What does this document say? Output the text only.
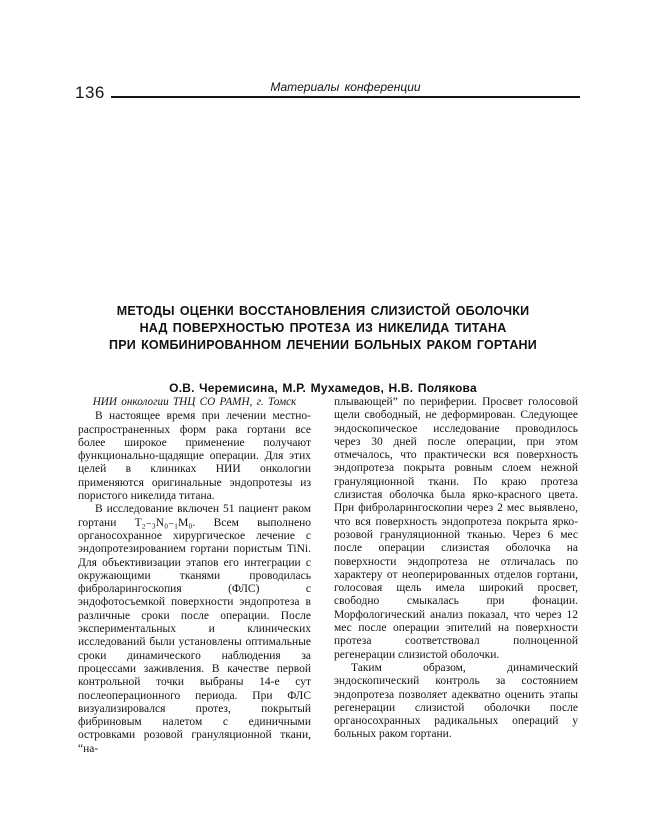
136	Материалы конференции
МЕТОДЫ ОЦЕНКИ ВОССТАНОВЛЕНИЯ СЛИЗИСТОЙ ОБОЛОЧКИ
НАД ПОВЕРХНОСТЬЮ ПРОТЕЗА ИЗ НИКЕЛИДА ТИТАНА
ПРИ КОМБИНИРОВАННОМ ЛЕЧЕНИИ БОЛЬНЫХ РАКОМ ГОРТАНИ
О.В. Черемисина, М.Р. Мухамедов, Н.В. Полякова
НИИ онкологии ТНЦ СО РАМН, г. Томск

В настоящее время при лечении местно-распространенных форм рака гортани все более широкое применение получают функционально-щадящие операции. Для этих целей в клиниках НИИ онкологии применяются оригинальные эндопротезы из пористого никелида титана.

В исследование включен 51 пациент раком гортани T₂₋₃N₀₋₁M₀. Всем выполнено органосохранное хирургическое лечение с эндопротезированием гортани пористым TiNi. Для объективизации этапов его интеграции с окружающими тканями проводилась фиброларингоскопия (ФЛС) с эндофотосъемкой поверхности эндопротеза в различные сроки после операции. После экспериментальных и клинических исследований были установлены оптимальные сроки динамического наблюдения за процессами заживления. В качестве первой контрольной точки выбраны 14-е сут послеоперационного периода. При ФЛС визуализировался протез, покрытый фибриновым налетом с единичными островками розовой грануляционной ткани, “на-

плывающей” по периферии. Просвет голосовой щели свободный, не деформирован. Следующее эндоскопическое исследование проводилось через 30 дней после операции, при этом отмечалось, что практически вся поверхность эндопротеза покрыта ровным слоем нежной грануляционной ткани. По краю протеза слизистая оболочка была ярко-красного цвета. При фиброларингоскопии через 2 мес выявлено, что вся поверхность эндопротеза покрыта ярко-розовой грануляционной тканью. Через 6 мес после операции слизистая оболочка на поверхности эндопротеза не отличалась по характеру от неоперированных отделов гортани, голосовая щель имела широкий просвет, свободно смыкалась при фонации. Морфологический анализ показал, что через 12 мес после операции эпителий на поверхности протеза соответствовал полноценной регенерации слизистой оболочки.

Таким образом, динамический эндоскопический контроль за состоянием эндопротеза позволяет адекватно оценить этапы регенерации слизистой оболочки после органосохранных радикальных операций у больных раком гортани.
